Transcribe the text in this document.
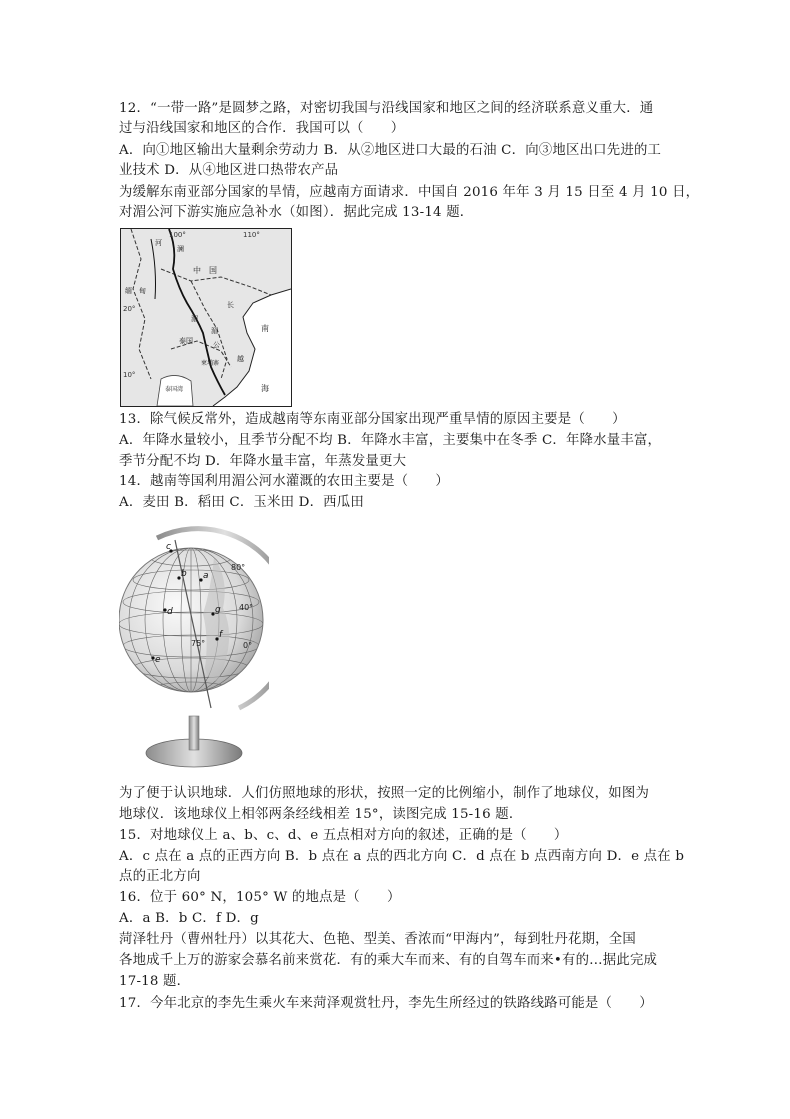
12．“一带一路”是圆梦之路，对密切我国与沿线国家和地区之间的经济联系意义重大．通
过与沿线国家和地区的合作．我国可以（　　）
A．向①地区输出大量剩余劳动力 B．从②地区进口大最的石油 C．向③地区出口先进的工
业技术 D．从④地区进口热带农产品
为缓解东南亚部分国家的旱情，应越南方面请求．中国自 2016 年年 3 月 15 日至 4 月 10 日，
对湄公河下游实施应急补水（如图）．据此完成 13-14 题．
100°	110°
20°
10°
中　国
缅　甸
泰国
柬埔寨
泰国湾
南
海
河
澜
长
公
湄
越
湄
13．除气候反常外，造成越南等东南亚部分国家出现严重旱情的原因主要是（　　）
A．年降水量较小，且季节分配不均 B．年降水丰富，主要集中在冬季 C．年降水量丰富，
季节分配不均 D．年降水量丰富，年蒸发量更大
14．越南等国利用湄公河水灌溉的农田主要是（　　）
A．麦田 B．稻田 C．玉米田 D．西瓜田
c
b a
d	g
f
e
80°
40°
0°
75°
为了便于认识地球．人们仿照地球的形状，按照一定的比例缩小，制作了地球仪，如图为
地球仪．该地球仪上相邻两条经线相差 15°，读图完成 15-16 题．
15．对地球仪上 a、b、c、d、e 五点相对方向的叙述，正确的是（　　）
A．c 点在 a 点的正西方向 B．b 点在 a 点的西北方向 C．d 点在 b 点西南方向 D．e 点在 b
点的正北方向
16．位于 60° N，105° W 的地点是（　　）
A．a B．b C．f D．g
菏泽牡丹（曹州牡丹）以其花大、色艳、型美、香浓而“甲海内”，每到牡丹花期，全国
各地成千上万的游家会慕名前来赏花．有的乘大车而来、有的自驾车而来•有的…据此完成
17-18 题．
17．今年北京的李先生乘火车来菏泽观赏牡丹，李先生所经过的铁路线路可能是（　　）
